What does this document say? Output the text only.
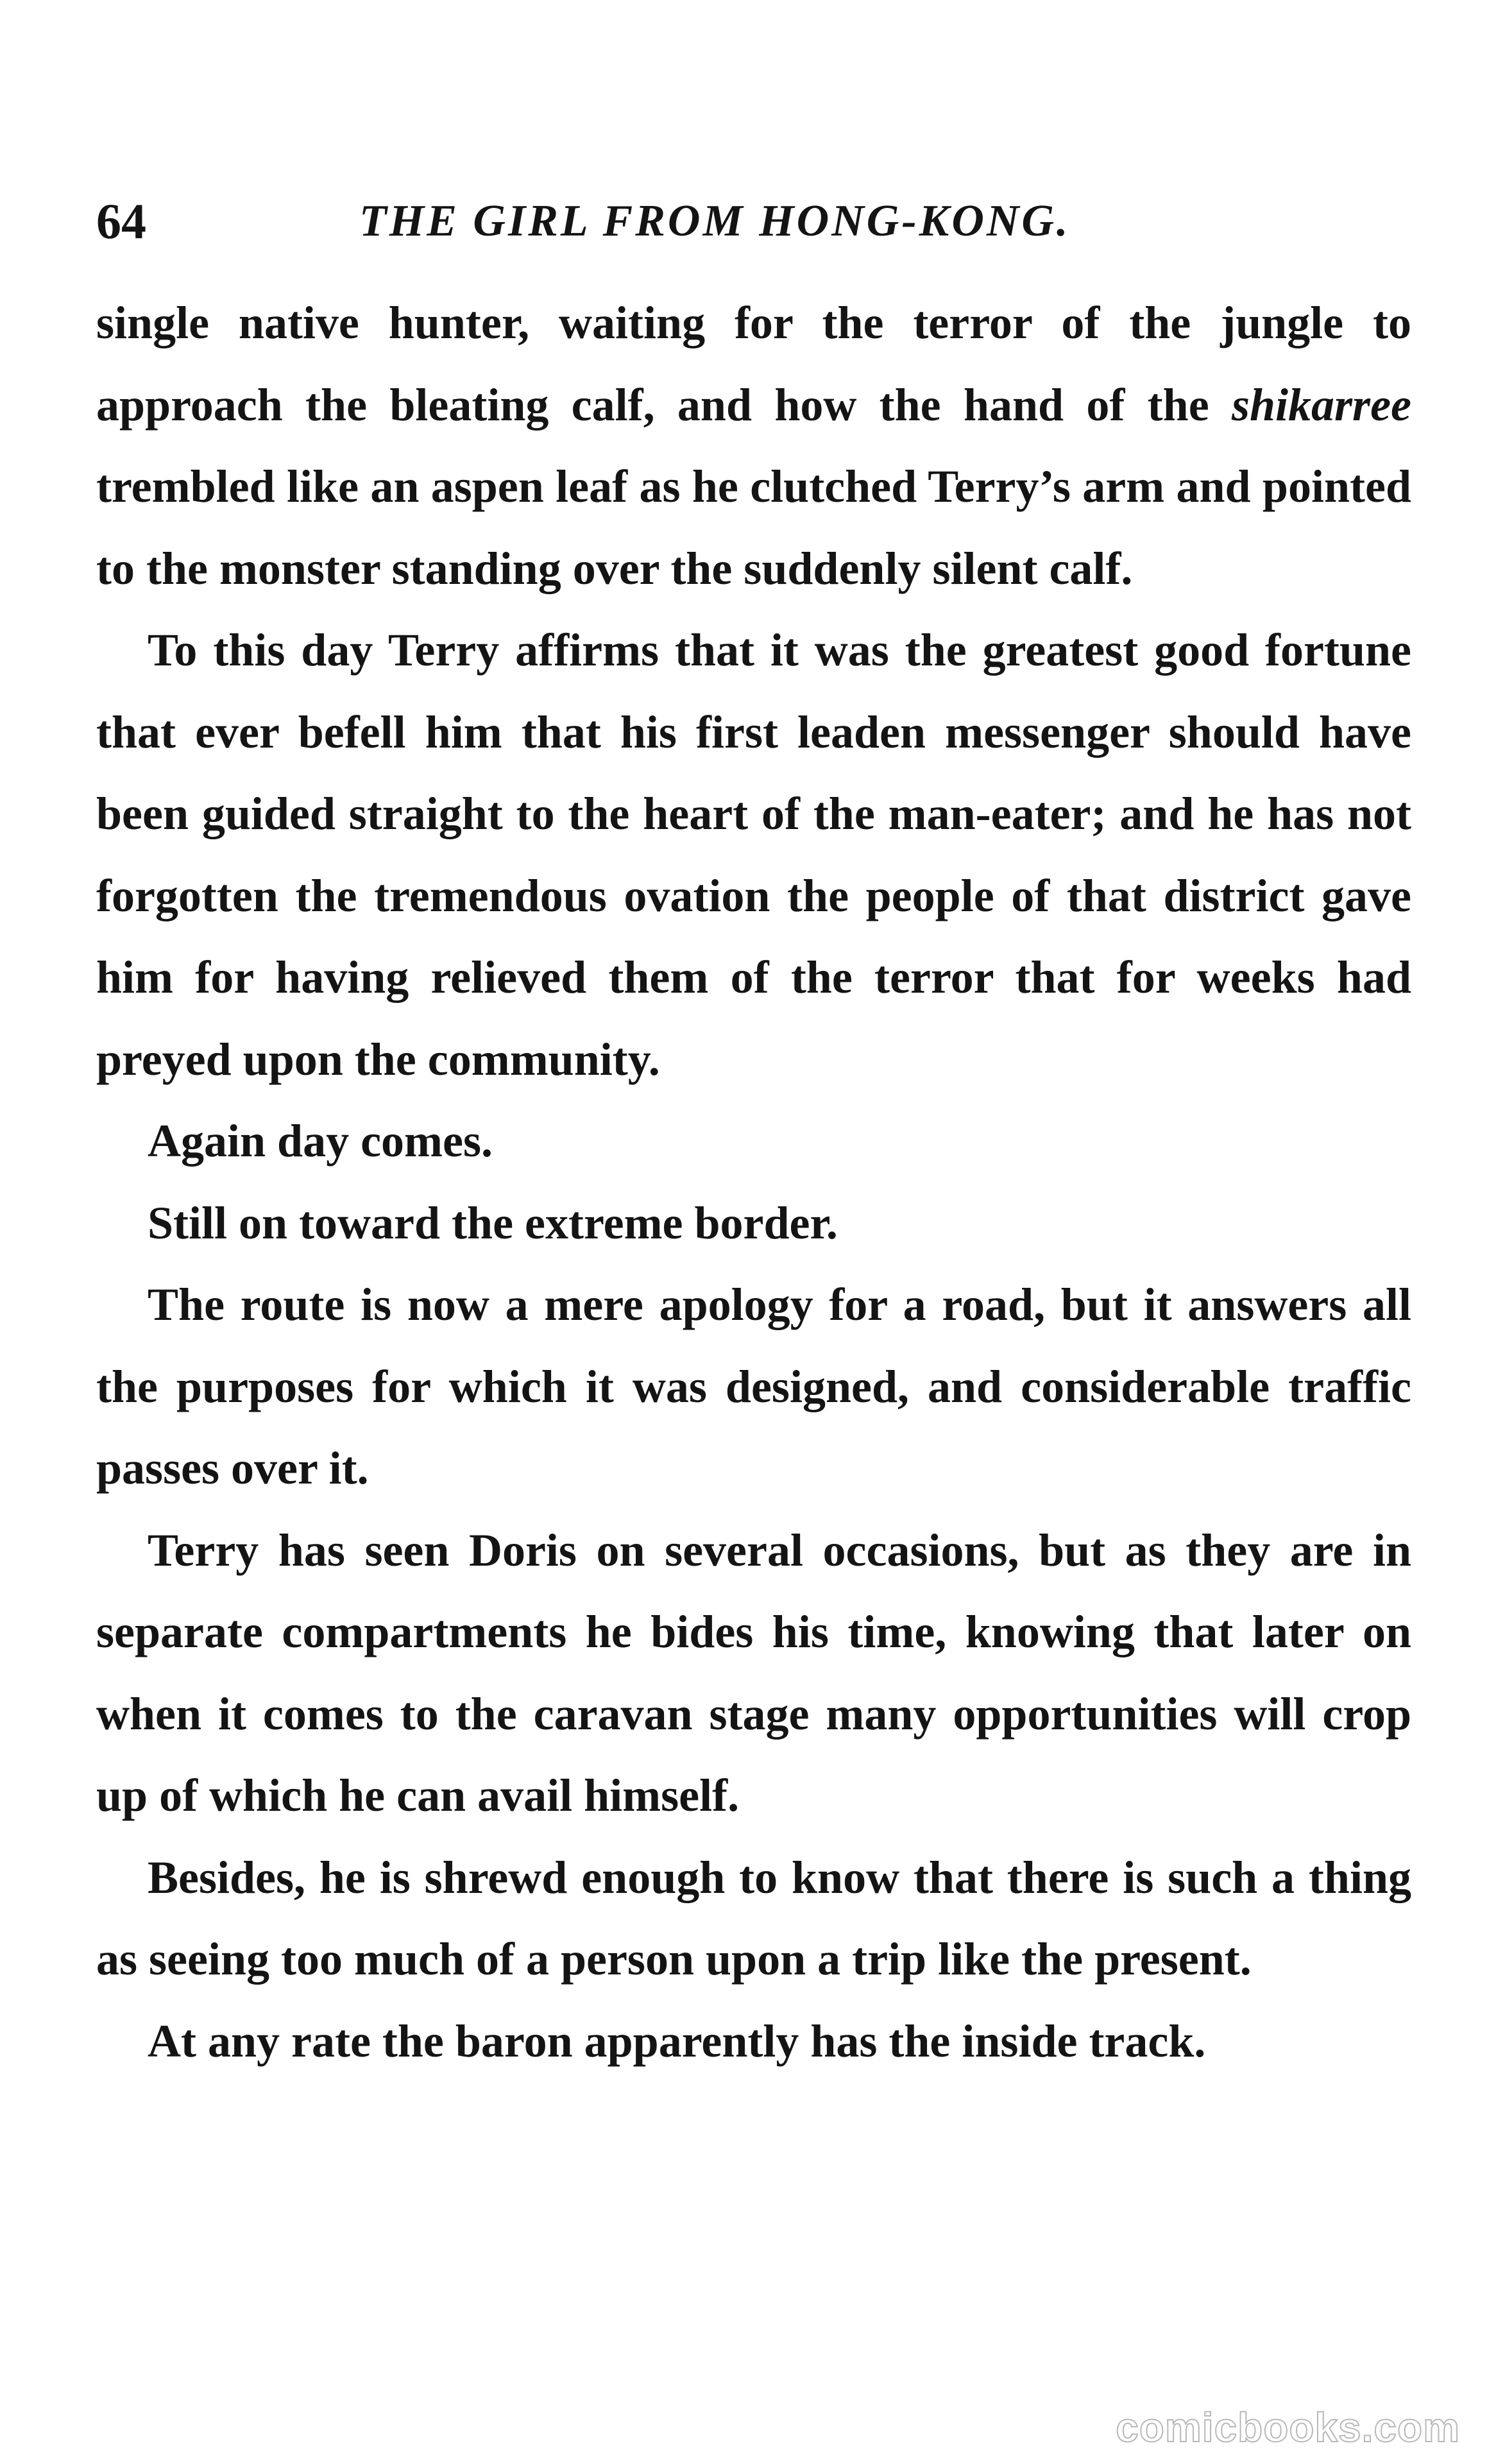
64	THE GIRL FROM HONG-KONG.

single native hunter, waiting for the terror of the jungle to approach the bleating calf, and how the hand of the shikarree trembled like an aspen leaf as he clutched Terry’s arm and pointed to the monster standing over the suddenly silent calf.

To this day Terry affirms that it was the greatest good fortune that ever befell him that his first leaden messenger should have been guided straight to the heart of the man-eater; and he has not forgotten the tremendous ovation the people of that district gave him for having relieved them of the terror that for weeks had preyed upon the community.

Again day comes.

Still on toward the extreme border.

The route is now a mere apology for a road, but it answers all the purposes for which it was designed, and considerable traffic passes over it.

Terry has seen Doris on several occasions, but as they are in separate compartments he bides his time, knowing that later on when it comes to the caravan stage many opportunities will crop up of which he can avail himself.

Besides, he is shrewd enough to know that there is such a thing as seeing too much of a person upon a trip like the present.

At any rate the baron apparently has the inside track.

comicbooks.com
